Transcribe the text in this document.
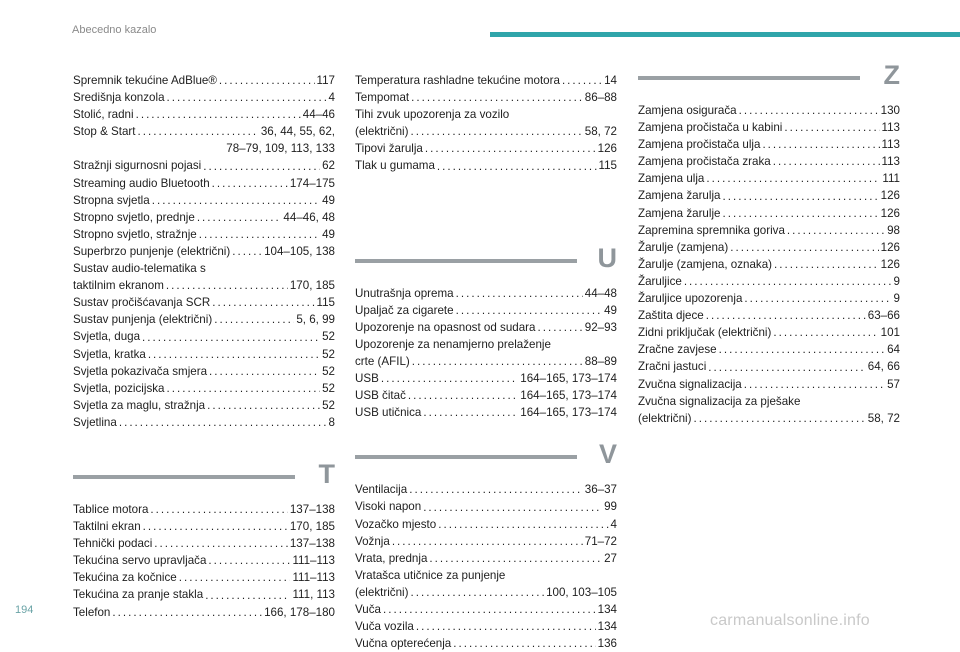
Abecedno kazalo
Spremnik tekućine AdBlue® . . .	117
Središnja konzola . . .	4
Stolić, radni . . .	44–46
Stop & Start . . .	36, 44, 55, 62,
78–79, 109, 113, 133
Stražnji sigurnosni pojasi . . .	62
Streaming audio Bluetooth . . .	174–175
Stropna svjetla . . .	49
Stropno svjetlo, prednje . . .	44–46, 48
Stropno svjetlo, stražnje . . .	49
Superbrzo punjenje (električni) . . .	104–105, 138
Sustav audio-telematika s
taktilnim ekranom . . .	170, 185
Sustav pročišćavanja SCR . . .	115
Sustav punjenja (električni) . . .	5, 6, 99
Svjetla, duga . . .	52
Svjetla, kratka . . .	52
Svjetla pokazivača smjera . . .	52
Svjetla, pozicijska . . .	52
Svjetla za maglu, stražnja . . .	52
Svjetlina . . .	8
T
Tablice motora . . .	137–138
Taktilni ekran . . .	170, 185
Tehnički podaci . . .	137–138
Tekućina servo upravljača . . .	111–113
Tekućina za kočnice . . .	111–113
Tekućina za pranje stakla . . .	111, 113
Telefon . . .	166, 178–180
Temperatura rashladne tekućine motora . . .	14
Tempomat . . .	86–88
Tihi zvuk upozorenja za vozilo
(električni) . . .	58, 72
Tipovi žarulja . . .	126
Tlak u gumama . . .	115
U
Unutrašnja oprema . . .	44–48
Upaljač za cigarete . . .	49
Upozorenje na opasnost od sudara . . .	92–93
Upozorenje za nenamjerno prelaženje
crte (AFIL) . . .	88–89
USB . . .	164–165, 173–174
USB čitač . . .	164–165, 173–174
USB utičnica . . .	164–165, 173–174
V
Ventilacija . . .	36–37
Visoki napon . . .	99
Vozačko mjesto . . .	4
Vožnja . . .	71–72
Vrata, prednja . . .	27
Vratašca utičnice za punjenje
(električni) . . .	100, 103–105
Vuča . . .	134
Vuča vozila . . .	134
Vučna opterećenja . . .	136
Z
Zamjena osigurača . . .	130
Zamjena pročistača u kabini . . .	113
Zamjena pročistača ulja . . .	113
Zamjena pročistača zraka . . .	113
Zamjena ulja . . .	111
Zamjena žarulja . . .	126
Zamjena žarulje . . .	126
Zapremina spremnika goriva . . .	98
Žarulje (zamjena) . . .	126
Žarulje (zamjena, oznaka) . . .	126
Žaruljice . . .	9
Žaruljice upozorenja . . .	9
Zaštita djece . . .	63–66
Zidni priključak (električni) . . .	101
Zračne zavjese . . .	64
Zračni jastuci . . .	64, 66
Zvučna signalizacija . . .	57
Zvučna signalizacija za pješake
(električni) . . .	58, 72
194
carmanualsonline.info
